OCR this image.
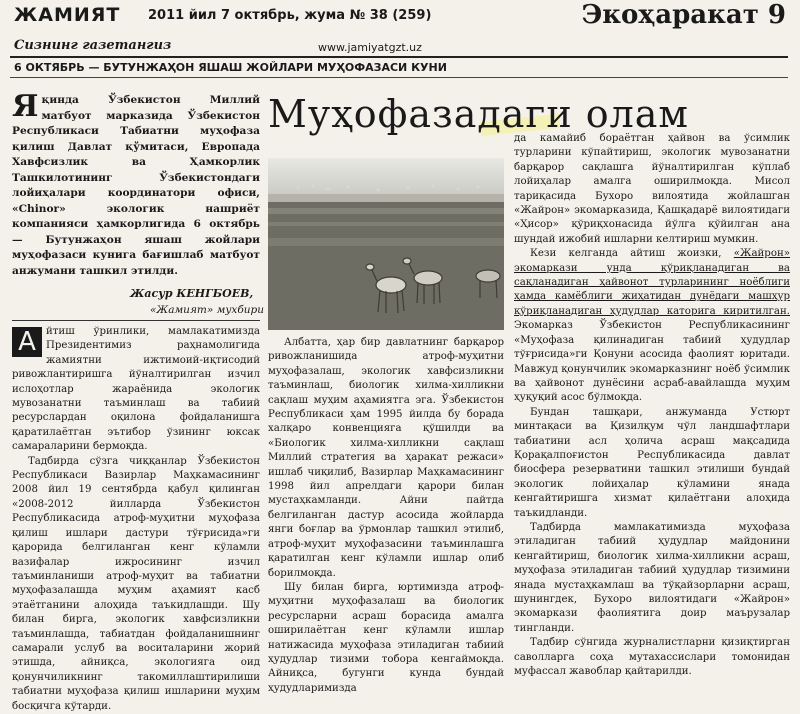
ЖАМИЯТ 2011 йил 7 октябрь, жума № 38 (259)	Экоҳаракат 9
Сизнинг газетангиз	www.jamiyatgzt.uz
6 ОКТЯБРЬ — БУТУНЖАҲОН ЯШАШ ЖОЙЛАРИ МУҲОФАЗАСИ КУНИ
Я қинда Ўзбекистон Миллий матбуот марказида Ўзбекистон Республикаси Табиатни муҳофаза қилиш Давлат қўмитаси, Европада Хавфсизлик ва Ҳамкорлик Ташкилотининг Ўзбекистондаги лойиҳалари координатори офиси, «Chinor» экологик нашриёт компанияси ҳамкорлигида 6 октябрь — Бутунжаҳон яшаш жойлари муҳофазаси кунига бағишлаб матбуот анжумани ташкил этилди.
Жасур КЕНГБОЕВ,
«Жамият» мухбири
А йтиш ўринлики, мамлакатимизда Президентимиз раҳнамолигида жамиятни ижтимоий-иқтисодий ривожлантиришга йўналтирилган изчил ислоҳотлар жараёнида экологик мувозанатни таъминлаш ва табиий ресурслардан оқилона фойдаланишга қаратилаётган эътибор ўзининг юксак самараларини бермоқда.

Тадбирда сўзга чиққанлар Ўзбекистон Республикаси Вазирлар Маҳкамасининг 2008 йил 19 сентябрда қабул қилинган «2008-2012 йилларда Ўзбекистон Республикасида атроф-муҳитни муҳофаза қилиш ишлари дастури тўғрисида»ги қарорида белгиланган кенг кўламли вазифалар ижросининг изчил таъминланиши атроф-муҳит ва табиатни муҳофазалашда муҳим аҳамият касб этаётганини алоҳида таъкидлашди. Шу билан бирга, экологик хавфсизликни таъминлашда, табиатдан фойдаланишнинг самарали услуб ва воситаларини жорий этишда, айниқса, экологияга оид қонунчиликнинг такомиллаштирилиши табиатни муҳофаза қилиш ишларини муҳим босқичга кўтарди.

Муҳофазадаги олам

Албатта, ҳар бир давлатнинг барқарор ривожланишида атроф-муҳитни муҳофазалаш, экологик хавфсизликни таъминлаш, биологик хилма-хилликни сақлаш муҳим аҳамиятга эга. Ўзбекистон Республикаси ҳам 1995 йилда бу борада халқаро конвенцияга қўшилди ва «Биологик хилма-хилликни сақлаш Миллий стратегия ва ҳаракат режаси» ишлаб чиқилиб, Вазирлар Маҳкамасининг 1998 йил апрелдаги қарори билан мустаҳкамланди. Айни пайтда белгиланган дастур асосида жойларда янги боғлар ва ўрмонлар ташкил этилиб, атроф-муҳит муҳофазасини таъминлашга қаратилган кенг кўламли ишлар олиб борилмоқда.

Шу билан бирга, юртимизда атроф-муҳитни муҳофазалаш ва биологик ресурсларни асраш борасида амалга оширилаётган кенг кўламли ишлар натижасида муҳофаза этиладиган табиий ҳудудлар тизими тобора кенгаймоқда. Айниқса, бугунги кунда бундай ҳудудларимизда

да камайиб бораётган ҳайвон ва ўсимлик турларини кўпайтириш, экологик мувозанатни барқарор сақлашга йўналтирилган кўплаб лойиҳалар амалга оширилмоқда. Мисол тариқасида Бухоро вилоятида жойлашган «Жайрон» экомарказида, Қашқадарё вилоятидаги «Ҳисор» қўриқхонасида йўлга қўйилган ана шундай ижобий ишларни келтириш мумкин.

Кези келганда айтиш жоизки, «Жайрон» экомаркази унда қўриқланадиган ва сақланадиган ҳайвонот турларининг ноёблиги ҳамда камёблиги жиҳатидан дунёдаги машҳур қўриқланадиган ҳудудлар каторига киритилган. Экомарказ Ўзбекистон Республикасининг «Муҳофаза қилинадиган табиий ҳудудлар тўғрисида»ги Қонуни асосида фаолият юритади. Мавжуд қонунчилик экомарказнинг ноёб ўсимлик ва ҳайвонот дунёсини асраб-авайлашда муҳим ҳуқуқий асос бўлмоқда.

Бундан ташқари, анжуманда Устюрт минтақаси ва Қизилқум чўл ландшафтлари табиатини асл ҳолича асраш мақсадида Қорақалпоғистон Республикасида давлат биосфера резерватини ташкил этилиши бундай экологик лойиҳалар кўламини янада кенгайтиришга хизмат қилаётгани алоҳида таъкидланди.

Тадбирда мамлакатимизда муҳофаза этиладиган табиий ҳудудлар майдонини кенгайтириш, биологик хилма-хилликни асраш, муҳофаза этиладиган табиий ҳудудлар тизимини янада мустаҳкамлаш ва тўқайзорларни асраш, шунингдек, Бухоро вилоятидаги «Жайрон» экомаркази фаолиятига доир маърузалар тингланди.

Тадбир сўнгида журналистларни қизиқтирган саволларга соҳа мутахассислари томонидан муфассал жавоблар қайтарилди.
